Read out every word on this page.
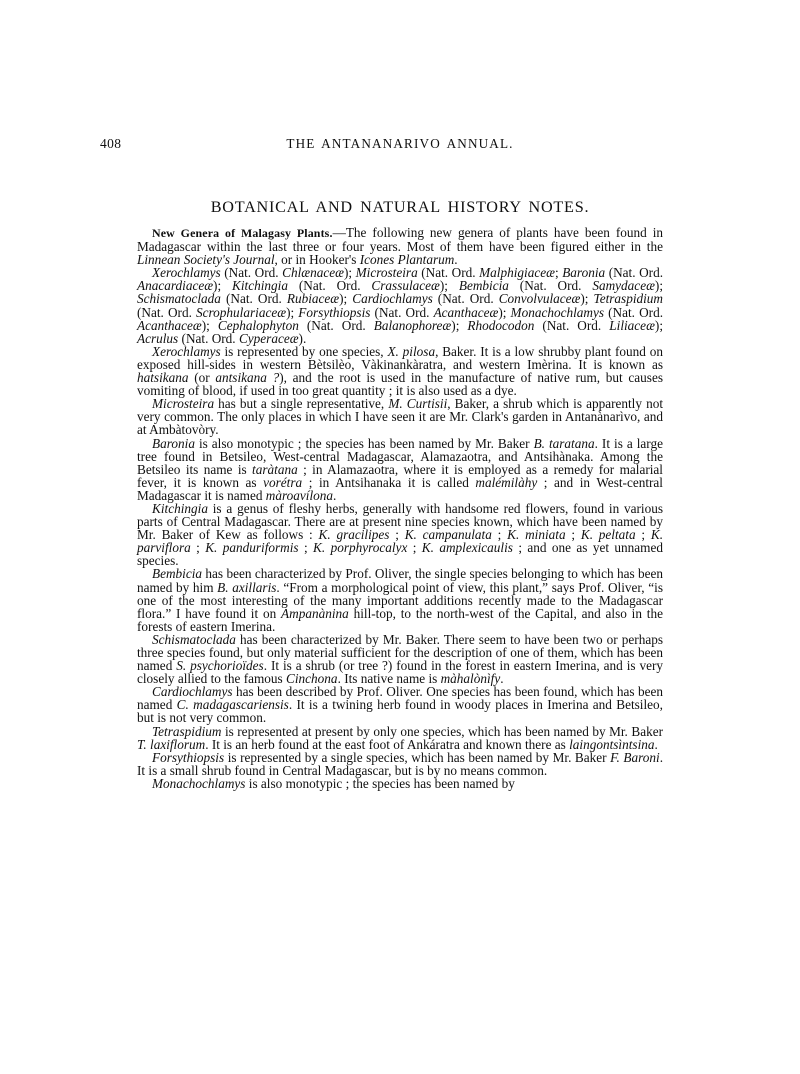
408	THE ANTANANARIVO ANNUAL.
BOTANICAL AND NATURAL HISTORY NOTES.

New Genera of Malagasy Plants.—The following new genera of plants have been found in Madagascar within the last three or four years. Most of them have been figured either in the Linnean Society's Journal, or in Hooker's Icones Plantarum.

Xerochlamys (Nat. Ord. Chlænaceæ); Microsteira (Nat. Ord. Malphigiaceæ; Baronia (Nat. Ord. Anacardiaceæ); Kitchingia (Nat. Ord. Crassulaceæ); Bembicia (Nat. Ord. Samydaceæ); Schismatoclada (Nat. Ord. Rubiaceæ); Cardiochlamys (Nat. Ord. Convolvulaceæ); Tetraspidium (Nat. Ord. Scrophulariaceæ); Forsythiopsis (Nat. Ord. Acanthaceæ); Monachochlamys (Nat. Ord. Acanthaceæ); Cephalophyton (Nat. Ord. Balanophoreæ); Rhodocodon (Nat. Ord. Liliaceæ); Acrulus (Nat. Ord. Cyperaceæ).

Xerochlamys is represented by one species, X. pilosa, Baker. It is a low shrubby plant found on exposed hill-sides in western Bètsilèo, Vàkinankàratra, and western Imèrina. It is known as hatsikana (or antsikana ?), and the root is used in the manufacture of native rum, but causes vomiting of blood, if used in too great quantity ; it is also used as a dye.

Microsteira has but a single representative, M. Curtisii, Baker, a shrub which is apparently not very common. The only places in which I have seen it are Mr. Clark's garden in Antanànarìvo, and at Ambàtovòry.

Baronia is also monotypic ; the species has been named by Mr. Baker B. taratana. It is a large tree found in Betsileo, West-central Madagascar, Alamazaotra, and Antsihànaka. Among the Betsileo its name is taràtana ; in Alamazaotra, where it is employed as a remedy for malarial fever, it is known as vorétra ; in Antsihanaka it is called malémilàhy ; and in West-central Madagascar it is named màroavílona.

Kitchingia is a genus of fleshy herbs, generally with handsome red flowers, found in various parts of Central Madagascar. There are at present nine species known, which have been named by Mr. Baker of Kew as follows : K. gracilipes ; K. campanulata ; K. miniata ; K. peltata ; K. parviflora ; K. panduriformis ; K. porphyrocalyx ; K. amplexicaulis ; and one as yet unnamed species.

Bembicia has been characterized by Prof. Oliver, the single species belonging to which has been named by him B. axillaris. “From a morphological point of view, this plant,” says Prof. Oliver, “is one of the most interesting of the many important additions recently made to the Madagascar flora.” I have found it on Ampanànina hill-top, to the north-west of the Capital, and also in the forests of eastern Imerina.

Schismatoclada has been characterized by Mr. Baker. There seem to have been two or perhaps three species found, but only material sufficient for the description of one of them, which has been named S. psychorioïdes. It is a shrub (or tree ?) found in the forest in eastern Imerina, and is very closely allied to the famous Cinchona. Its native name is màhalònìfy.

Cardiochlamys has been described by Prof. Oliver. One species has been found, which has been named C. madagascariensis. It is a twining herb found in woody places in Imerina and Betsileo, but is not very common.

Tetraspidium is represented at present by only one species, which has been named by Mr. Baker T. laxiflorum. It is an herb found at the east foot of Ankáratra and known there as laingontsìntsina.

Forsythiopsis is represented by a single species, which has been named by Mr. Baker F. Baroni. It is a small shrub found in Central Madagascar, but is by no means common.

Monachochlamys is also monotypic ; the species has been named by
